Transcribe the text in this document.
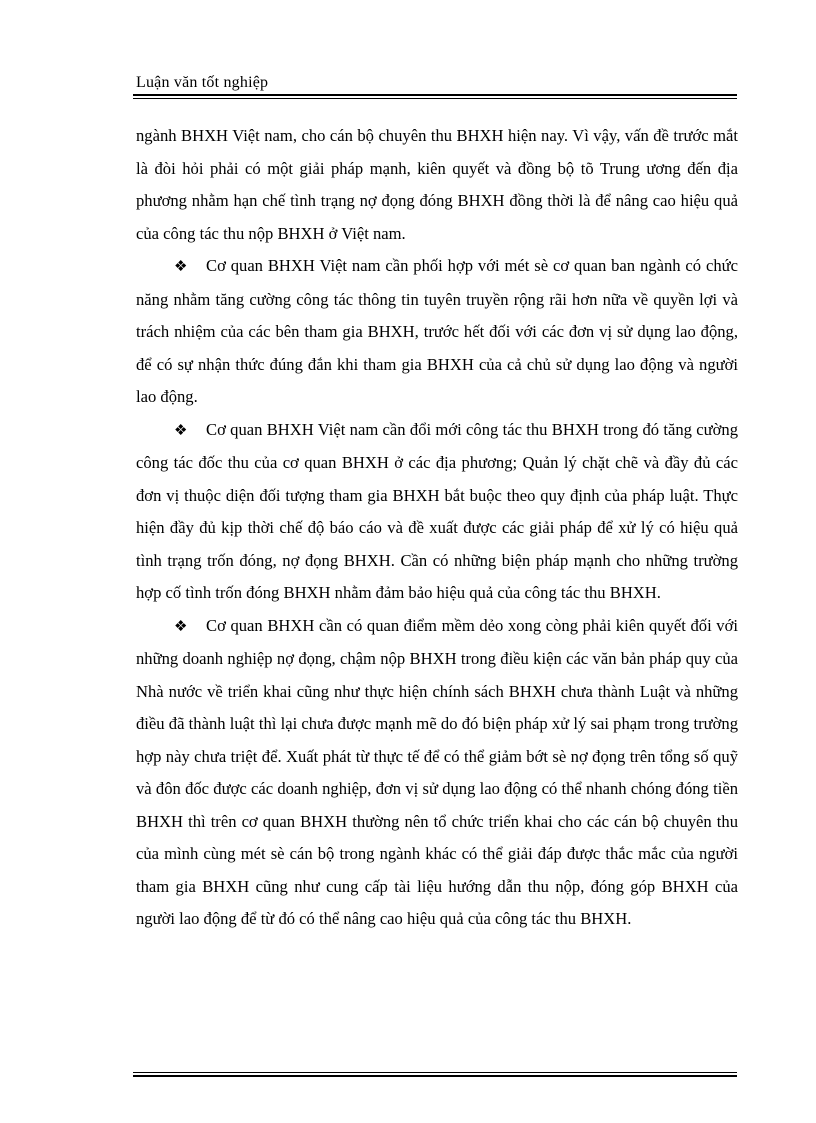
Luận văn tốt nghiệp

ngành BHXH Việt nam, cho cán bộ chuyên thu BHXH hiện nay. Vì vậy, vấn đề trước mắt là đòi hỏi phải có một giải pháp mạnh, kiên quyết và đồng bộ tõ Trung ương đến địa phương nhằm hạn chế tình trạng nợ đọng đóng BHXH đồng thời là để nâng cao hiệu quả của công tác thu nộp BHXH ở Việt nam.

❖ Cơ quan BHXH Việt nam cần phối hợp với mét sè cơ quan ban ngành có chức năng nhằm tăng cường công tác thông tin tuyên truyền rộng rãi hơn nữa về quyền lợi và trách nhiệm của các bên tham gia BHXH, trước hết đối với các đơn vị sử dụng lao động, để có sự nhận thức đúng đắn khi tham gia BHXH của cả chủ sử dụng lao động và người lao động.

❖ Cơ quan BHXH Việt nam cần đổi mới công tác thu BHXH trong đó tăng cường công tác đốc thu của cơ quan BHXH ở các địa phương; Quản lý chặt chẽ và đầy đủ các đơn vị thuộc diện đối tượng tham gia BHXH bắt buộc theo quy định của pháp luật. Thực hiện đầy đủ kịp thời chế độ báo cáo và đề xuất được các giải pháp để xử lý có hiệu quả tình trạng trốn đóng, nợ đọng BHXH. Cần có những biện pháp mạnh cho những trường hợp cố tình trốn đóng BHXH nhằm đảm bảo hiệu quả của công tác thu BHXH.

❖ Cơ quan BHXH cần có quan điểm mềm dẻo xong còng phải kiên quyết đối với những doanh nghiệp nợ đọng, chậm nộp BHXH trong điều kiện các văn bản pháp quy của Nhà nước về triển khai cũng như thực hiện chính sách BHXH chưa thành Luật và những điều đã thành luật thì lại chưa được mạnh mẽ do đó biện pháp xử lý sai phạm trong trường hợp này chưa triệt để. Xuất phát từ thực tế để có thể giảm bớt sè nợ đọng trên tổng số quỹ và đôn đốc được các doanh nghiệp, đơn vị sử dụng lao động có thể nhanh chóng đóng tiền BHXH thì trên cơ quan BHXH thường nên tổ chức triển khai cho các cán bộ chuyên thu của mình cùng mét sè cán bộ trong ngành khác có thể giải đáp được thắc mắc của người tham gia BHXH cũng như cung cấp tài liệu hướng dẫn thu nộp, đóng góp BHXH của người lao động để từ đó có thể nâng cao hiệu quả của công tác thu BHXH.
